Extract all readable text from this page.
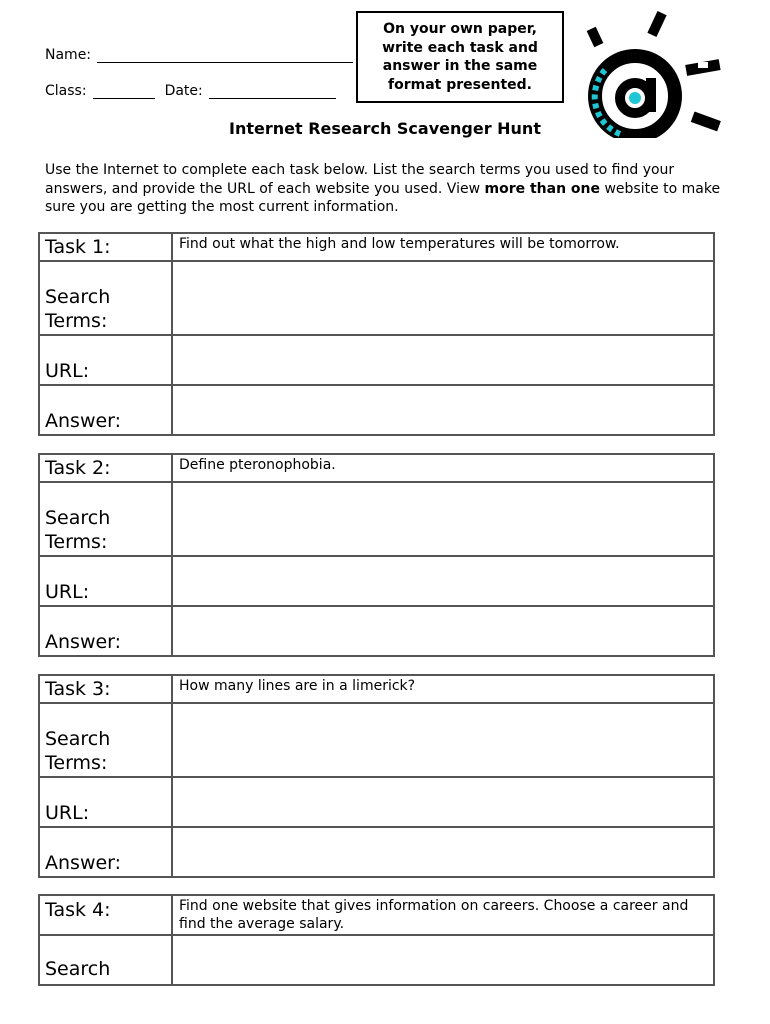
Name:
Class:	Date:
On your own paper,
write each task and
answer in the same
format presented.
Internet Research Scavenger Hunt
Use the Internet to complete each task below. List the search terms you used to find your answers, and provide the URL of each website you used. View more than one website to make sure you are getting the most current information.
Task 1:	Find out what the high and low temperatures will be tomorrow.
Search
Terms:	
URL:	
Answer:	
Task 2:	Define pteronophobia.
Search
Terms:	
URL:	
Answer:	
Task 3:	How many lines are in a limerick?
Search
Terms:	
URL:	
Answer:	
Task 4:	Find one website that gives information on careers. Choose a career and find the average salary.
Search	
